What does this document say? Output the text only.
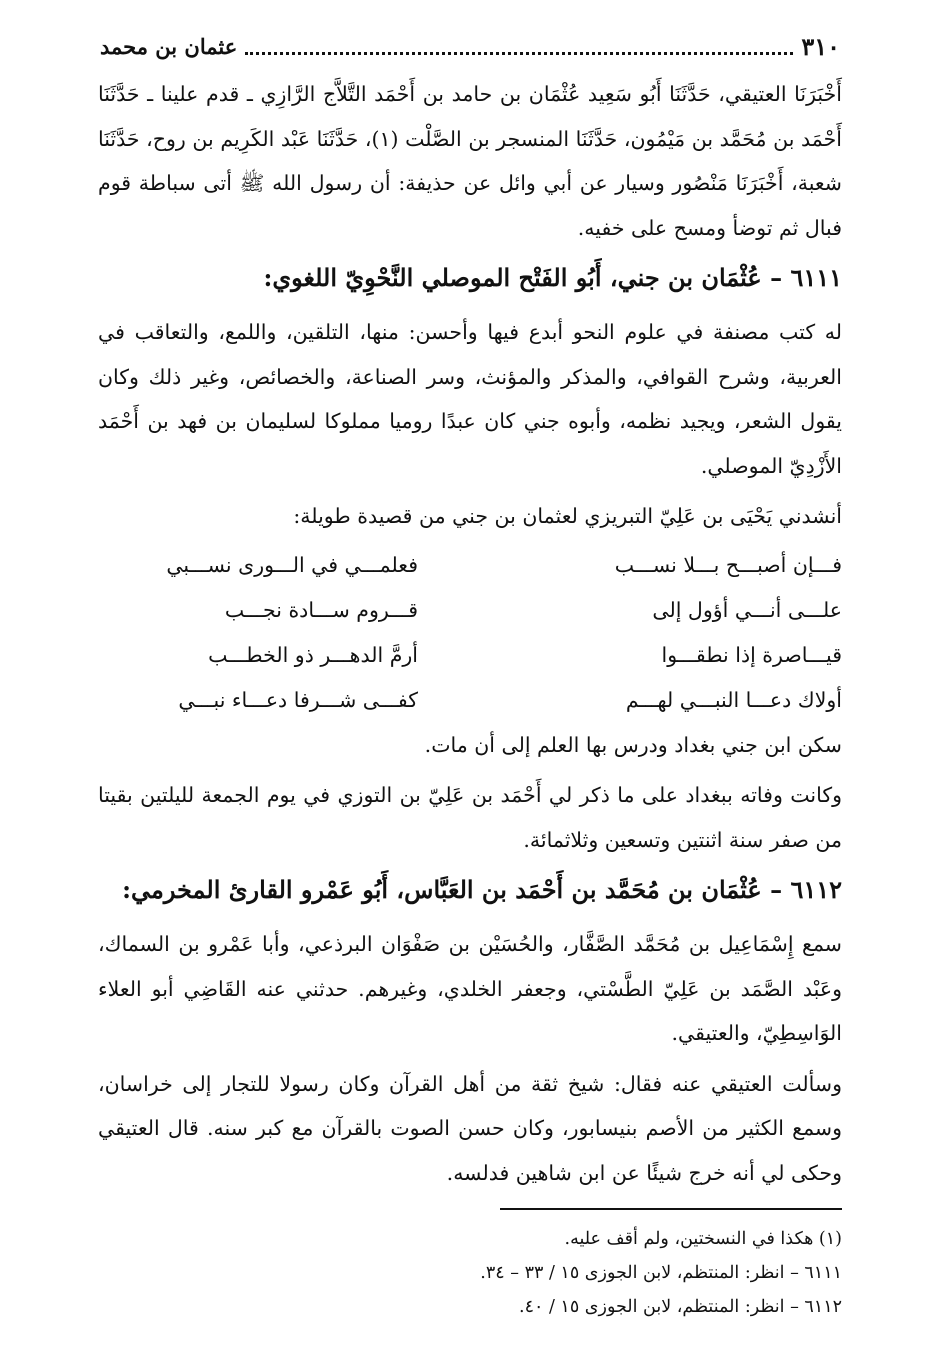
٣١٠
عثمان بن محمد

أَخْبَرَنَا العتيقي، حَدَّثَنَا أَبُو سَعِيد عُثْمَان بن حامد بن أَحْمَد التَّلاَّج الرَّازِي ـ قدم علينا ـ حَدَّثَنَا أَحْمَد بن مُحَمَّد بن مَيْمُون، حَدَّثَنَا المنسجر بن الصَّلْت (١)، حَدَّثَنَا عَبْد الكَرِيم بن روح، حَدَّثَنَا شعبة، أَخْبَرَنَا مَنْصُور وسيار عن أبي وائل عن حذيفة: أن رسول الله ﷺ أتى سباطة قوم فبال ثم توضأ ومسح على خفيه.

٦١١١ – عُثْمَان بن جني، أَبُو الفَتْح الموصلي النَّحْوِيّ اللغوي:

له كتب مصنفة في علوم النحو أبدع فيها وأحسن: منها، التلقين، واللمع، والتعاقب في العربية، وشرح القوافي، والمذكر والمؤنث، وسر الصناعة، والخصائص، وغير ذلك وكان يقول الشعر، ويجيد نظمه، وأبوه جني كان عبدًا روميا مملوكا لسليمان بن فهد بن أَحْمَد الأَزْدِيّ الموصلي.

أنشدني يَحْيَى بن عَلِيّ التبريزي لعثمان بن جني من قصيدة طويلة:

فـــإن أصبـــح بـــلا نســـب
فعلمـــي في الـــورى نســـبي
علـــى أنـــي أؤول إلى
قـــروم ســـادة نجـــب
قيـــاصرة إذا نطقـــوا
أرمَّ الدهـــر ذو الخطـــب
أولاك دعـــا النبـــي لهـــم
كفـــى شـــرفا دعـــاء نبـــي

سكن ابن جني بغداد ودرس بها العلم إلى أن مات.

وكانت وفاته ببغداد على ما ذكر لي أَحْمَد بن عَلِيّ بن التوزي في يوم الجمعة لليلتين بقيتا من صفر سنة اثنتين وتسعين وثلاثمائة.

٦١١٢ – عُثْمَان بن مُحَمَّد بن أَحْمَد بن العَبَّاس، أَبُو عَمْرو القارئ المخرمي:

سمع إِسْمَاعِيل بن مُحَمَّد الصَّفَّار، والحُسَيْن بن صَفْوَان البرذعي، وأبا عَمْرو بن السماك، وعَبْد الصَّمَد بن عَلِيّ الطَّسْتي، وجعفر الخلدي، وغيرهم. حدثني عنه القَاضِي أبو العلاء الوَاسِطِيّ، والعتيقي.

وسألت العتيقي عنه فقال: شيخ ثقة من أهل القرآن وكان رسولا للتجار إلى خراسان، وسمع الكثير من الأصم بنيسابور، وكان حسن الصوت بالقرآن مع كبر سنه. قال العتيقي وحكى لي أنه خرج شيئًا عن ابن شاهين فدلسه.

(١) هكذا في النسختين، ولم أقف عليه.

٦١١١ – انظر: المنتظم، لابن الجوزى ١٥ / ٣٣ – ٣٤.

٦١١٢ – انظر: المنتظم، لابن الجوزى ١٥ / ٤٠.
